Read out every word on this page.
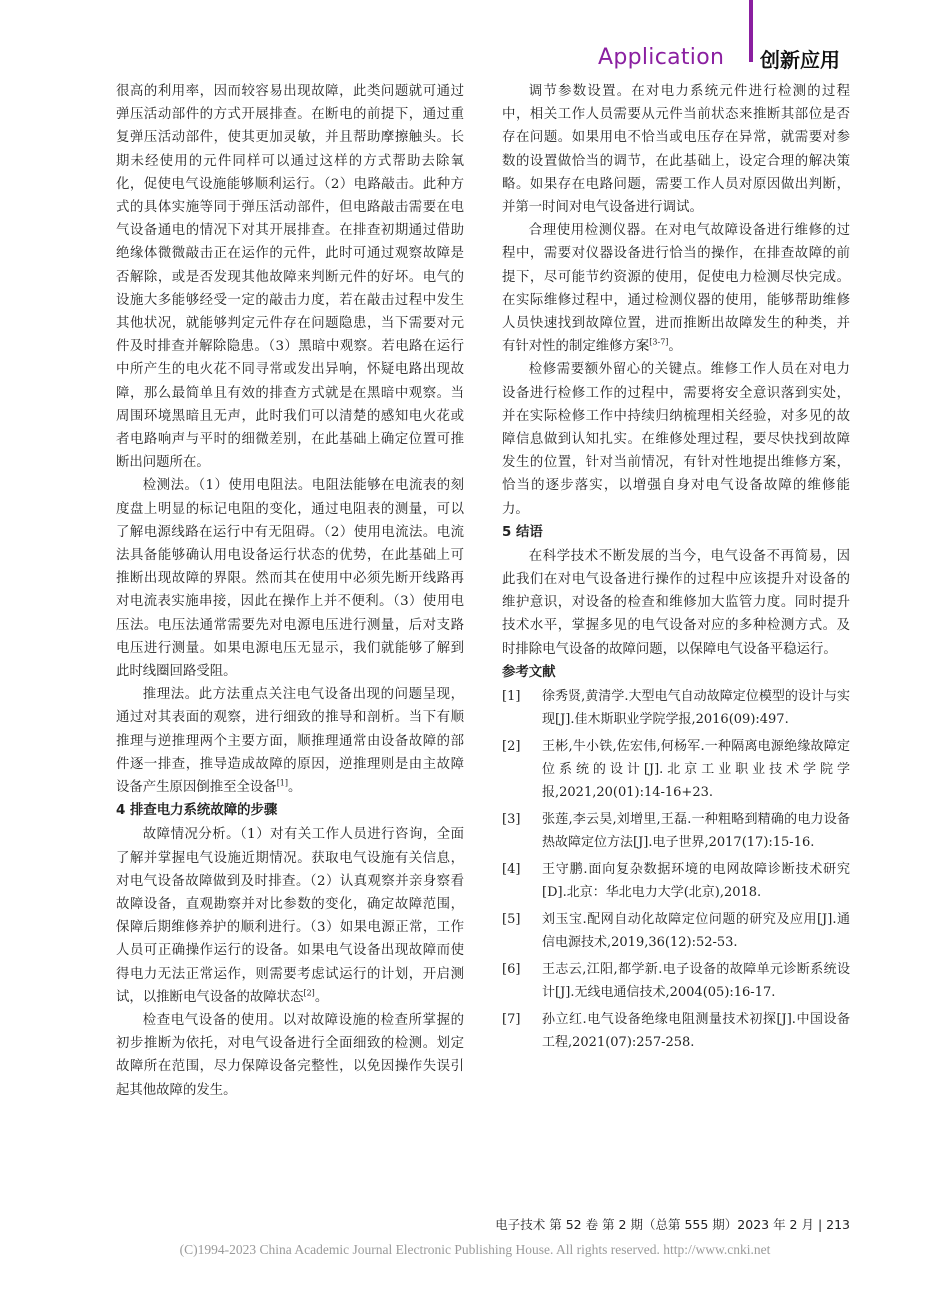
Application 创新应用

很高的利用率，因而较容易出现故障，此类问题就可通过弹压活动部件的方式开展排查。在断电的前提下，通过重复弹压活动部件，使其更加灵敏，并且帮助摩擦触头。长期未经使用的元件同样可以通过这样的方式帮助去除氧化，促使电气设施能够顺利运行。（2）电路敲击。此种方式的具体实施等同于弹压活动部件，但电路敲击需要在电气设备通电的情况下对其开展排查。在排查初期通过借助绝缘体微微敲击正在运作的元件，此时可通过观察故障是否解除，或是否发现其他故障来判断元件的好坏。电气的设施大多能够经受一定的敲击力度，若在敲击过程中发生其他状况，就能够判定元件存在问题隐患，当下需要对元件及时排查并解除隐患。（3）黑暗中观察。若电路在运行中所产生的电火花不同寻常或发出异响，怀疑电路出现故障，那么最简单且有效的排查方式就是在黑暗中观察。当周围环境黑暗且无声，此时我们可以清楚的感知电火花或者电路响声与平时的细微差别，在此基础上确定位置可推断出问题所在。

检测法。（1）使用电阻法。电阻法能够在电流表的刻度盘上明显的标记电阻的变化，通过电阻表的测量，可以了解电源线路在运行中有无阻碍。（2）使用电流法。电流法具备能够确认用电设备运行状态的优势，在此基础上可推断出现故障的界限。然而其在使用中必须先断开线路再对电流表实施串接，因此在操作上并不便利。（3）使用电压法。电压法通常需要先对电源电压进行测量，后对支路电压进行测量。如果电源电压无显示，我们就能够了解到此时线圈回路受阻。

推理法。此方法重点关注电气设备出现的问题呈现，通过对其表面的观察，进行细致的推导和剖析。当下有顺推理与逆推理两个主要方面，顺推理通常由设备故障的部件逐一排查，推导造成故障的原因，逆推理则是由主故障设备产生原因倒推至全设备[1]。

4 排查电力系统故障的步骤

故障情况分析。（1）对有关工作人员进行咨询，全面了解并掌握电气设施近期情况。获取电气设施有关信息，对电气设备故障做到及时排查。（2）认真观察并亲身察看故障设备，直观勘察并对比参数的变化，确定故障范围，保障后期维修养护的顺利进行。（3）如果电源正常，工作人员可正确操作运行的设备。如果电气设备出现故障而使得电力无法正常运作，则需要考虑试运行的计划，开启测试，以推断电气设备的故障状态[2]。

检查电气设备的使用。以对故障设施的检查所掌握的初步推断为依托，对电气设备进行全面细致的检测。划定故障所在范围，尽力保障设备完整性，以免因操作失误引起其他故障的发生。

调节参数设置。在对电力系统元件进行检测的过程中，相关工作人员需要从元件当前状态来推断其部位是否存在问题。如果用电不恰当或电压存在异常，就需要对参数的设置做恰当的调节，在此基础上，设定合理的解决策略。如果存在电路问题，需要工作人员对原因做出判断，并第一时间对电气设备进行调试。

合理使用检测仪器。在对电气故障设备进行维修的过程中，需要对仪器设备进行恰当的操作，在排查故障的前提下，尽可能节约资源的使用，促使电力检测尽快完成。在实际维修过程中，通过检测仪器的使用，能够帮助维修人员快速找到故障位置，进而推断出故障发生的种类，并有针对性的制定维修方案[3-7]。

检修需要额外留心的关键点。维修工作人员在对电力设备进行检修工作的过程中，需要将安全意识落到实处，并在实际检修工作中持续归纳梳理相关经验，对多见的故障信息做到认知扎实。在维修处理过程，要尽快找到故障发生的位置，针对当前情况，有针对性地提出维修方案，恰当的逐步落实，以增强自身对电气设备故障的维修能力。

5 结语

在科学技术不断发展的当今，电气设备不再简易，因此我们在对电气设备进行操作的过程中应该提升对设备的维护意识，对设备的检查和维修加大监管力度。同时提升技术水平，掌握多见的电气设备对应的多种检测方式。及时排除电气设备的故障问题，以保障电气设备平稳运行。

参考文献
[1] 徐秀贤,黄清学.大型电气自动故障定位模型的设计与实现[J].佳木斯职业学院学报,2016(09):497.
[2] 王彬,牛小铁,佐宏伟,何杨军.一种隔离电源绝缘故障定位系统的设计[J].北京工业职业技术学院学报,2021,20(01):14-16+23.
[3] 张莲,李云昊,刘增里,王磊.一种粗略到精确的电力设备热故障定位方法[J].电子世界,2017(17):15-16.
[4] 王守鹏.面向复杂数据环境的电网故障诊断技术研究[D].北京：华北电力大学(北京),2018.
[5] 刘玉宝.配网自动化故障定位问题的研究及应用[J].通信电源技术,2019,36(12):52-53.
[6] 王志云,江阳,都学新.电子设备的故障单元诊断系统设计[J].无线电通信技术,2004(05):16-17.
[7] 孙立红.电气设备绝缘电阻测量技术初探[J].中国设备工程,2021(07):257-258.
电子技术 第 52 卷 第 2 期（总第 555 期）2023 年 2 月 | 213
(C)1994-2023 China Academic Journal Electronic Publishing House. All rights reserved. http://www.cnki.net
